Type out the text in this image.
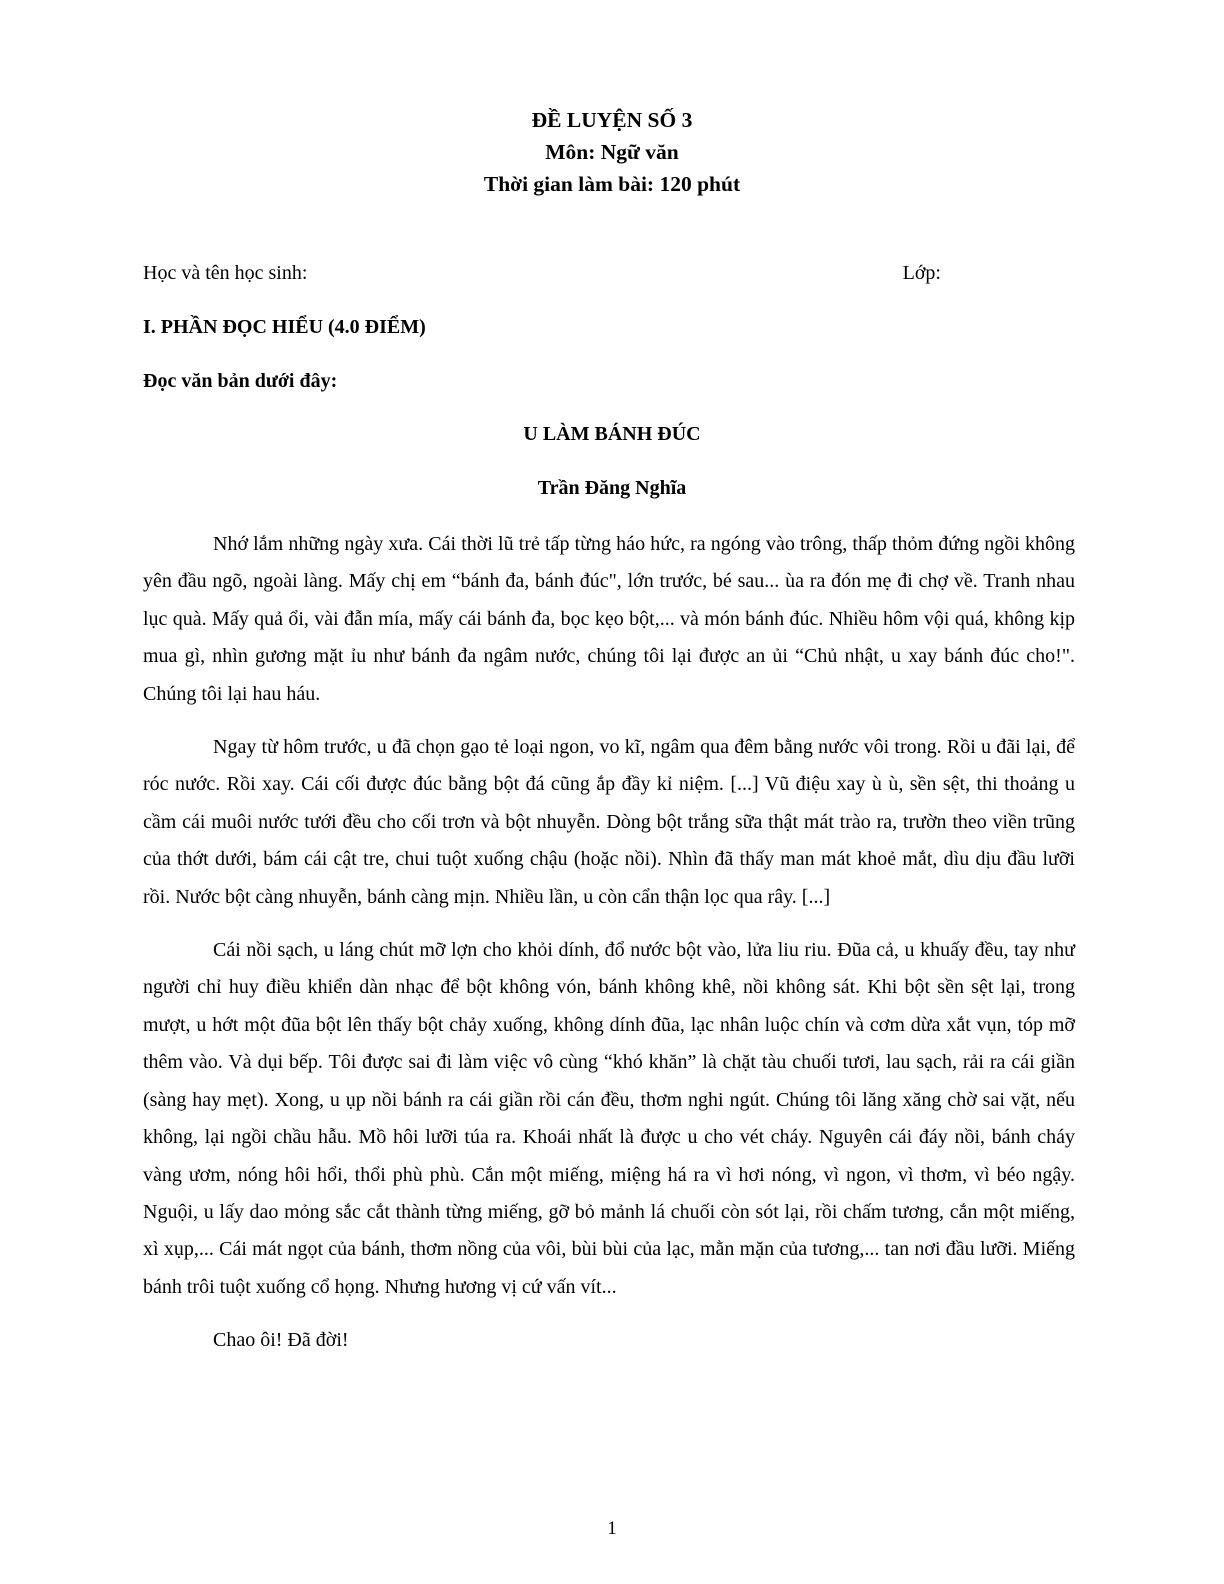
ĐỀ LUYỆN SỐ 3
Môn: Ngữ văn
Thời gian làm bài: 120 phút
Học và tên học sinh:	Lớp:
I. PHẦN ĐỌC HIỂU (4.0 ĐIỂM)
Đọc văn bản dưới đây:
U LÀM BÁNH ĐÚC
Trần Đăng Nghĩa

Nhớ lắm những ngày xưa. Cái thời lũ trẻ tấp từng háo hức, ra ngóng vào trông, thấp thỏm đứng ngồi không yên đầu ngõ, ngoài làng. Mấy chị em “bánh đa, bánh đúc", lớn trước, bé sau... ùa ra đón mẹ đi chợ về. Tranh nhau lục quà. Mấy quả ổi, vài đẫn mía, mấy cái bánh đa, bọc kẹo bột,... và món bánh đúc. Nhiều hôm vội quá, không kịp mua gì, nhìn gương mặt ỉu như bánh đa ngâm nước, chúng tôi lại được an ủi “Chủ nhật, u xay bánh đúc cho!". Chúng tôi lại hau háu.

Ngay từ hôm trước, u đã chọn gạo tẻ loại ngon, vo kĩ, ngâm qua đêm bằng nước vôi trong. Rồi u đãi lại, để róc nước. Rồi xay. Cái cối được đúc bằng bột đá cũng ắp đầy kỉ niệm. [...] Vũ điệu xay ù ù, sền sệt, thi thoảng u cầm cái muôi nước tưới đều cho cối trơn và bột nhuyễn. Dòng bột trắng sữa thật mát trào ra, trườn theo viền trũng của thớt dưới, bám cái cật tre, chui tuột xuống chậu (hoặc nồi). Nhìn đã thấy man mát khoẻ mắt, dìu dịu đầu lưỡi rồi. Nước bột càng nhuyễn, bánh càng mịn. Nhiều lần, u còn cẩn thận lọc qua rây. [...]

Cái nồi sạch, u láng chút mỡ lợn cho khỏi dính, đổ nước bột vào, lửa liu riu. Đũa cả, u khuấy đều, tay như người chỉ huy điều khiển dàn nhạc để bột không vón, bánh không khê, nồi không sát. Khi bột sền sệt lại, trong mượt, u hớt một đũa bột lên thấy bột chảy xuống, không dính đũa, lạc nhân luộc chín và cơm dừa xắt vụn, tóp mỡ thêm vào. Và dụi bếp. Tôi được sai đi làm việc vô cùng “khó khăn” là chặt tàu chuối tươi, lau sạch, rải ra cái giần (sàng hay mẹt). Xong, u ụp nồi bánh ra cái giần rồi cán đều, thơm nghi ngút. Chúng tôi lăng xăng chờ sai vặt, nếu không, lại ngồi chầu hẫu. Mồ hôi lưỡi túa ra. Khoái nhất là được u cho vét cháy. Nguyên cái đáy nồi, bánh cháy vàng ươm, nóng hôi hổi, thổi phù phù. Cắn một miếng, miệng há ra vì hơi nóng, vì ngon, vì thơm, vì béo ngậy. Nguội, u lấy dao mỏng sắc cắt thành từng miếng, gỡ bỏ mảnh lá chuối còn sót lại, rồi chấm tương, cắn một miếng, xì xụp,... Cái mát ngọt của bánh, thơm nồng của vôi, bùi bùi của lạc, mằn mặn của tương,... tan nơi đầu lưỡi. Miếng bánh trôi tuột xuống cổ họng. Nhưng hương vị cứ vấn vít...

Chao ôi! Đã đời!

1
